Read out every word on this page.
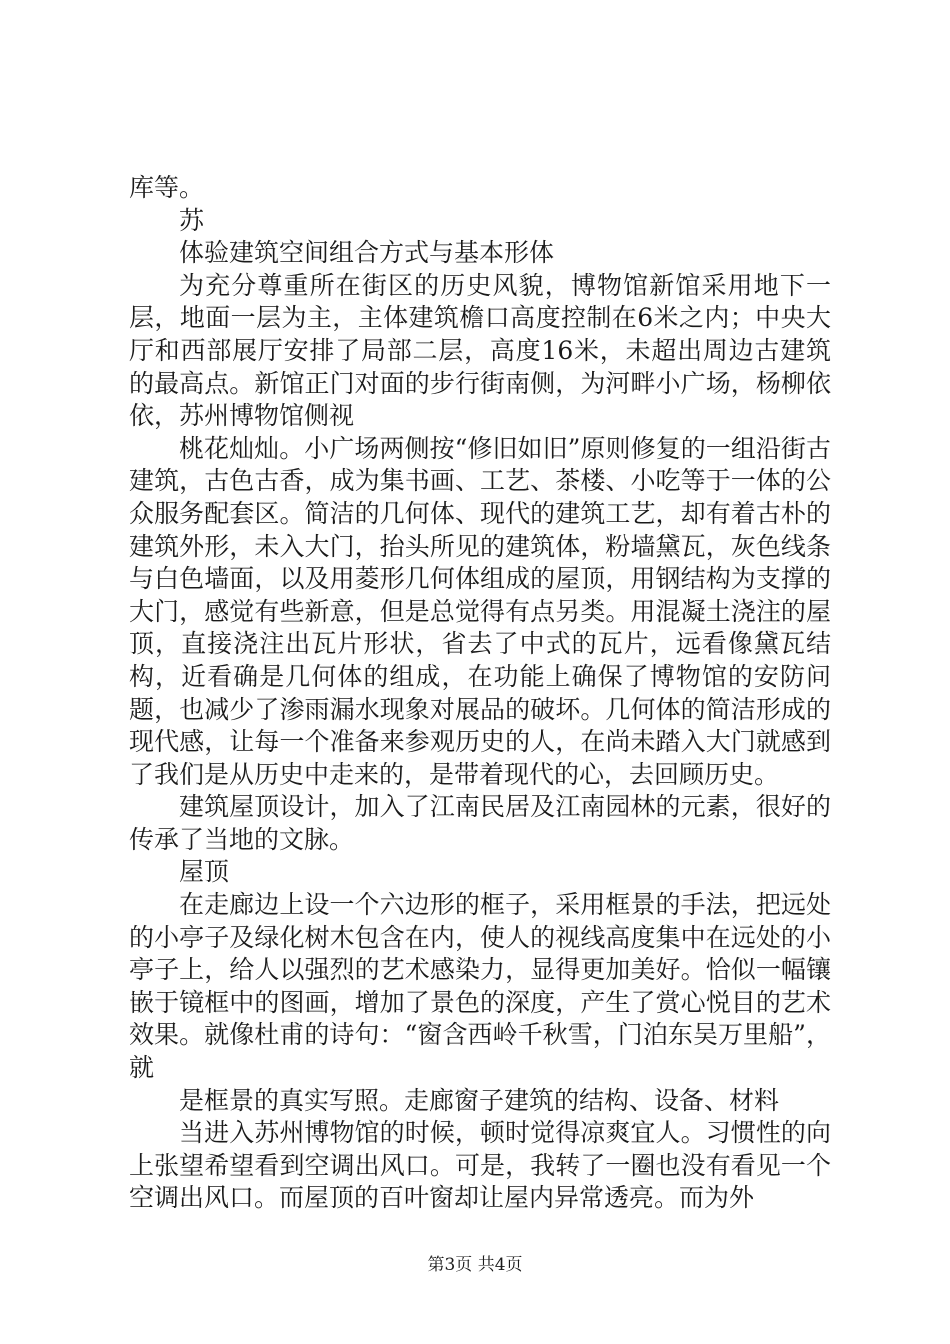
库等。

苏

体验建筑空间组合方式与基本形体

为充分尊重所在街区的历史风貌，博物馆新馆采用地下一层，地面一层为主，主体建筑檐口高度控制在6米之内；中央大厅和西部展厅安排了局部二层，高度16米，未超出周边古建筑的最高点。新馆正门对面的步行街南侧，为河畔小广场，杨柳依依，苏州博物馆侧视

桃花灿灿。小广场两侧按“修旧如旧”原则修复的一组沿街古建筑，古色古香，成为集书画、工艺、茶楼、小吃等于一体的公众服务配套区。简洁的几何体、现代的建筑工艺，却有着古朴的建筑外形，未入大门，抬头所见的建筑体，粉墙黛瓦，灰色线条与白色墙面，以及用菱形几何体组成的屋顶，用钢结构为支撑的大门，感觉有些新意，但是总觉得有点另类。用混凝土浇注的屋顶，直接浇注出瓦片形状，省去了中式的瓦片，远看像黛瓦结构，近看确是几何体的组成，在功能上确保了博物馆的安防问题，也减少了渗雨漏水现象对展品的破坏。几何体的简洁形成的现代感，让每一个准备来参观历史的人，在尚未踏入大门就感到了我们是从历史中走来的，是带着现代的心，去回顾历史。

建筑屋顶设计，加入了江南民居及江南园林的元素，很好的传承了当地的文脉。

屋顶

在走廊边上设一个六边形的框子，采用框景的手法，把远处的小亭子及绿化树木包含在内，使人的视线高度集中在远处的小亭子上，给人以强烈的艺术感染力，显得更加美好。恰似一幅镶嵌于镜框中的图画，增加了景色的深度，产生了赏心悦目的艺术效果。就像杜甫的诗句：“窗含西岭千秋雪，门泊东吴万里船”，就

是框景的真实写照。走廊窗子建筑的结构、设备、材料

当进入苏州博物馆的时候，顿时觉得凉爽宜人。习惯性的向上张望希望看到空调出风口。可是，我转了一圈也没有看见一个空调出风口。而屋顶的百叶窗却让屋内异常透亮。而为外

第3页 共4页
